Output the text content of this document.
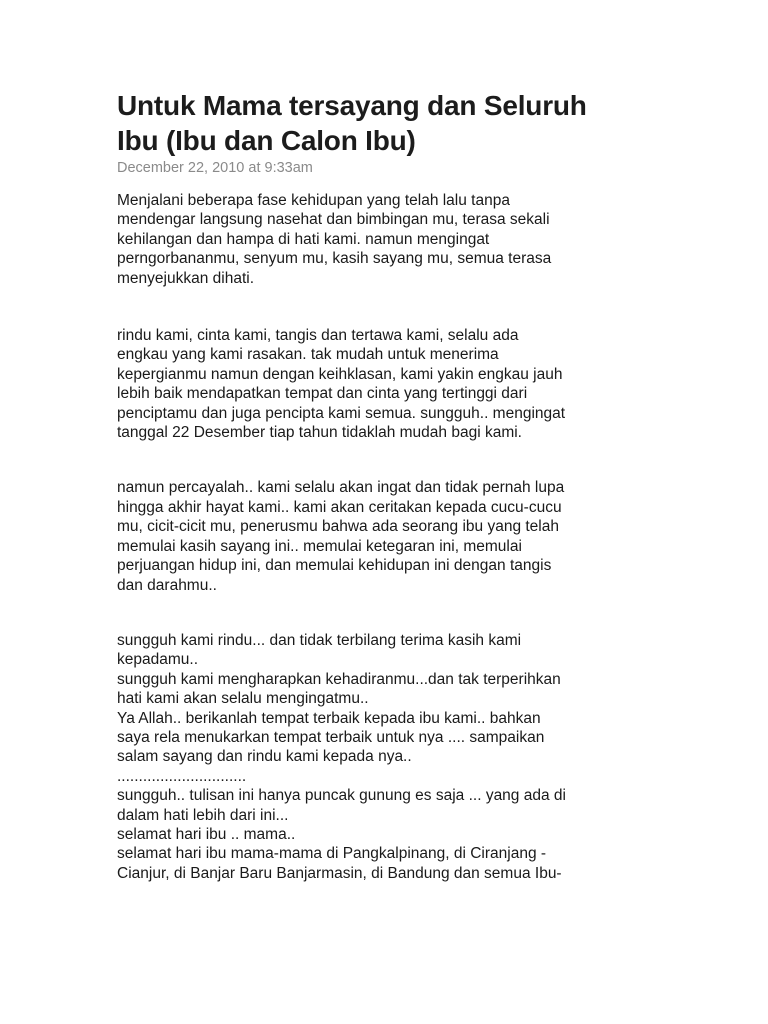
Untuk Mama tersayang dan Seluruh
Ibu (Ibu dan Calon Ibu)
December 22, 2010 at 9:33am

Menjalani beberapa fase kehidupan yang telah lalu tanpa
mendengar langsung nasehat dan bimbingan mu, terasa sekali
kehilangan dan hampa di hati kami. namun mengingat
perngorbananmu, senyum mu, kasih sayang mu, semua terasa
menyejukkan dihati.

rindu kami, cinta kami, tangis dan tertawa kami, selalu ada
engkau yang kami rasakan. tak mudah untuk menerima
kepergianmu namun dengan keihklasan, kami yakin engkau jauh
lebih baik mendapatkan tempat dan cinta yang tertinggi dari
penciptamu dan juga pencipta kami semua. sungguh.. mengingat
tanggal 22 Desember tiap tahun tidaklah mudah bagi kami.

namun percayalah.. kami selalu akan ingat dan tidak pernah lupa
hingga akhir hayat kami.. kami akan ceritakan kepada cucu-cucu
mu, cicit-cicit mu, penerusmu bahwa ada seorang ibu yang telah
memulai kasih sayang ini.. memulai ketegaran ini, memulai
perjuangan hidup ini, dan memulai kehidupan ini dengan tangis
dan darahmu..

sungguh kami rindu... dan tidak terbilang terima kasih kami
kepadamu..
sungguh kami mengharapkan kehadiranmu...dan tak terperihkan
hati kami akan selalu mengingatmu..
Ya Allah.. berikanlah tempat terbaik kepada ibu kami.. bahkan
saya rela menukarkan tempat terbaik untuk nya .... sampaikan
salam sayang dan rindu kami kepada nya..
..............................
sungguh.. tulisan ini hanya puncak gunung es saja ... yang ada di
dalam hati lebih dari ini...
selamat hari ibu .. mama..
selamat hari ibu mama-mama di Pangkalpinang, di Ciranjang -
Cianjur, di Banjar Baru Banjarmasin, di Bandung dan semua Ibu-
